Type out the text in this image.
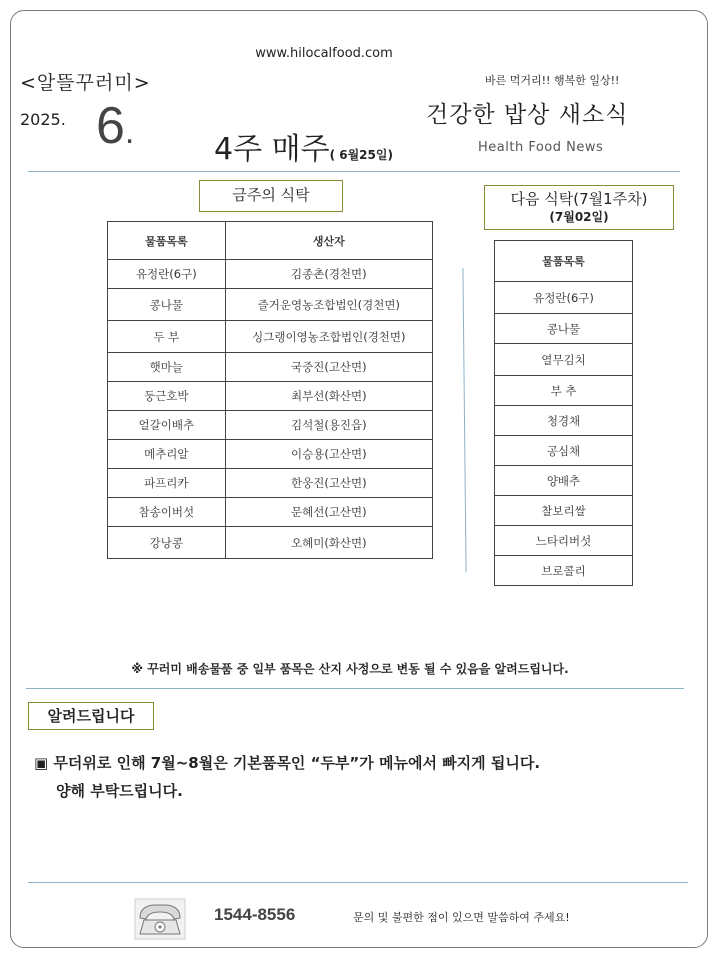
www.hilocalfood.com
<알뜰꾸러미>	바른 먹거리!! 행복한 일상!!
2025. 6.	4주 매주( 6월25일)
건강한 밥상 새소식
Health Food News
금주의 식탁
물품목록	생산자
유정란(6구)	김종촌(경천면)
콩나물	즐거운영농조합법인(경천면)
두 부	싱그랭이영농조합법인(경천면)
햇마늘	국중진(고산면)
둥근호박	최부선(화산면)
얼갈이배추	김석철(용진읍)
메추리알	이승용(고산면)
파프리카	한웅진(고산면)
참송이버섯	문혜선(고산면)
강낭콩	오혜미(화산면)
다음 식탁(7월1주차)
(7월02일)
물품목록
유정란(6구)
콩나물
열무김치
부 추
청경채
공심채
양배추
찰보리쌀
느타리버섯
브로콜리
※ 꾸러미 배송물품 중 일부 품목은 산지 사정으로 변동 될 수 있음을 알려드립니다.
알려드립니다
▣ 무더위로 인해 7월~8월은 기본품목인 “두부”가 메뉴에서 빠지게 됩니다.
양해 부탁드립니다.
1544-8556	문의 및 불편한 점이 있으면 말씀하여 주세요!
